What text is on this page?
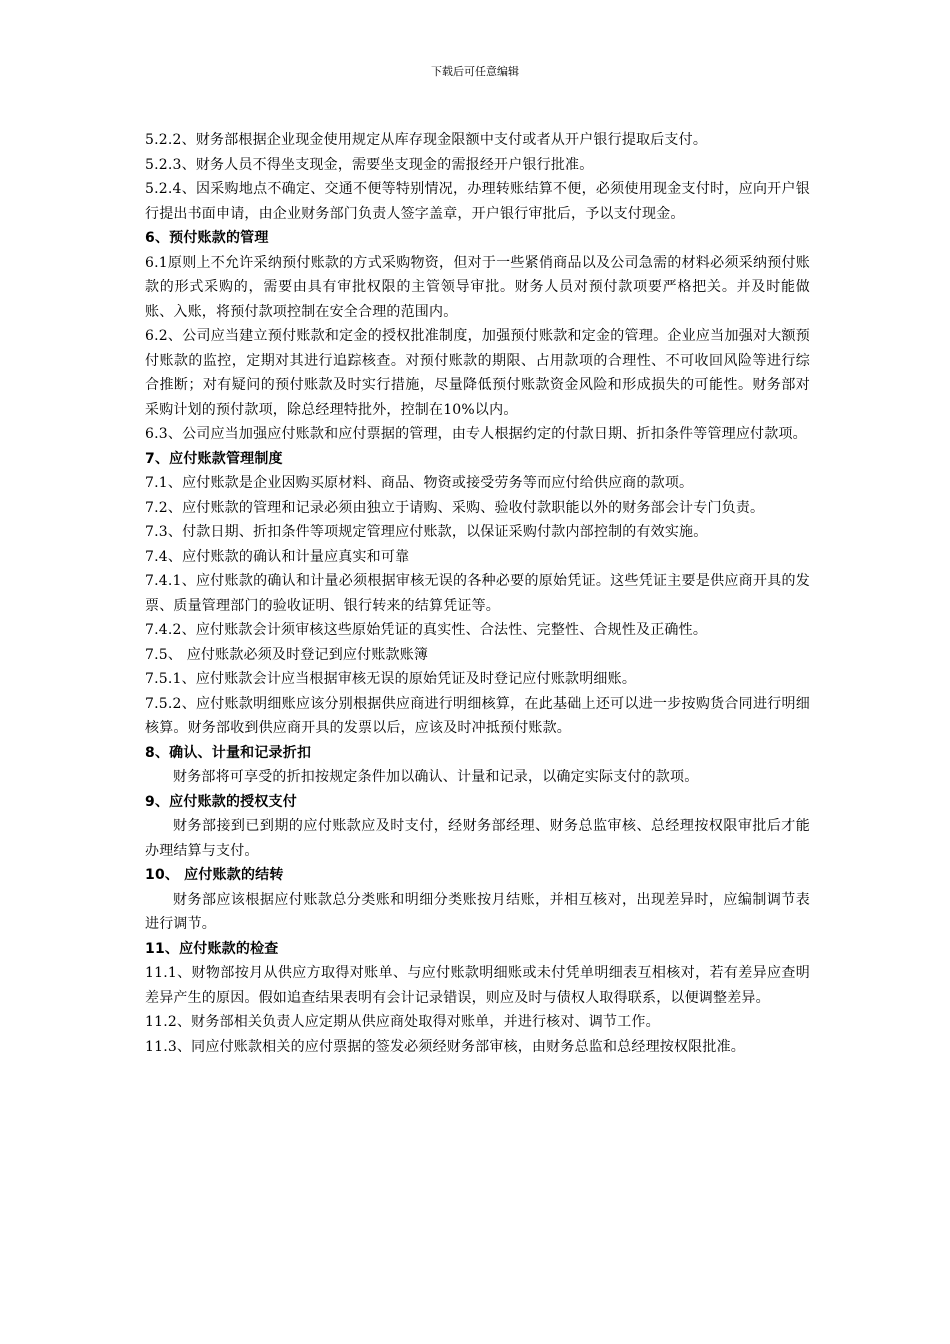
下载后可任意编辑

5.2.2、财务部根据企业现金使用规定从库存现金限额中支付或者从开户银行提取后支付。

5.2.3、财务人员不得坐支现金，需要坐支现金的需报经开户银行批准。

5.2.4、因采购地点不确定、交通不便等特别情况，办理转账结算不便，必须使用现金支付时，应向开户银行提出书面申请，由企业财务部门负责人签字盖章，开户银行审批后，予以支付现金。

6、预付账款的管理

6.1原则上不允许采纳预付账款的方式采购物资，但对于一些紧俏商品以及公司急需的材料必须采纳预付账款的形式采购的，需要由具有审批权限的主管领导审批。财务人员对预付款项要严格把关。并及时能做账、入账，将预付款项控制在安全合理的范围内。

6.2、公司应当建立预付账款和定金的授权批准制度，加强预付账款和定金的管理。企业应当加强对大额预付账款的监控，定期对其进行追踪核查。对预付账款的期限、占用款项的合理性、不可收回风险等进行综合推断；对有疑问的预付账款及时实行措施，尽量降低预付账款资金风险和形成损失的可能性。财务部对采购计划的预付款项，除总经理特批外，控制在10%以内。

6.3、公司应当加强应付账款和应付票据的管理，由专人根据约定的付款日期、折扣条件等管理应付款项。

7、应付账款管理制度

7.1、应付账款是企业因购买原材料、商品、物资或接受劳务等而应付给供应商的款项。

7.2、应付账款的管理和记录必须由独立于请购、采购、验收付款职能以外的财务部会计专门负责。

7.3、付款日期、折扣条件等项规定管理应付账款，以保证采购付款内部控制的有效实施。

7.4、应付账款的确认和计量应真实和可靠

7.4.1、应付账款的确认和计量必须根据审核无误的各种必要的原始凭证。这些凭证主要是供应商开具的发票、质量管理部门的验收证明、银行转来的结算凭证等。

7.4.2、应付账款会计须审核这些原始凭证的真实性、合法性、完整性、合规性及正确性。

7.5、 应付账款必须及时登记到应付账款账簿

7.5.1、应付账款会计应当根据审核无误的原始凭证及时登记应付账款明细账。

7.5.2、应付账款明细账应该分别根据供应商进行明细核算，在此基础上还可以进一步按购货合同进行明细核算。财务部收到供应商开具的发票以后，应该及时冲抵预付账款。

8、确认、计量和记录折扣

财务部将可享受的折扣按规定条件加以确认、计量和记录，以确定实际支付的款项。

9、应付账款的授权支付

财务部接到已到期的应付账款应及时支付，经财务部经理、财务总监审核、总经理按权限审批后才能办理结算与支付。

10、 应付账款的结转

财务部应该根据应付账款总分类账和明细分类账按月结账，并相互核对，出现差异时，应编制调节表进行调节。

11、应付账款的检查

11.1、财物部按月从供应方取得对账单、与应付账款明细账或未付凭单明细表互相核对，若有差异应查明差异产生的原因。假如追查结果表明有会计记录错误，则应及时与债权人取得联系，以便调整差异。

11.2、财务部相关负责人应定期从供应商处取得对账单，并进行核对、调节工作。

11.3、同应付账款相关的应付票据的签发必须经财务部审核，由财务总监和总经理按权限批准。
